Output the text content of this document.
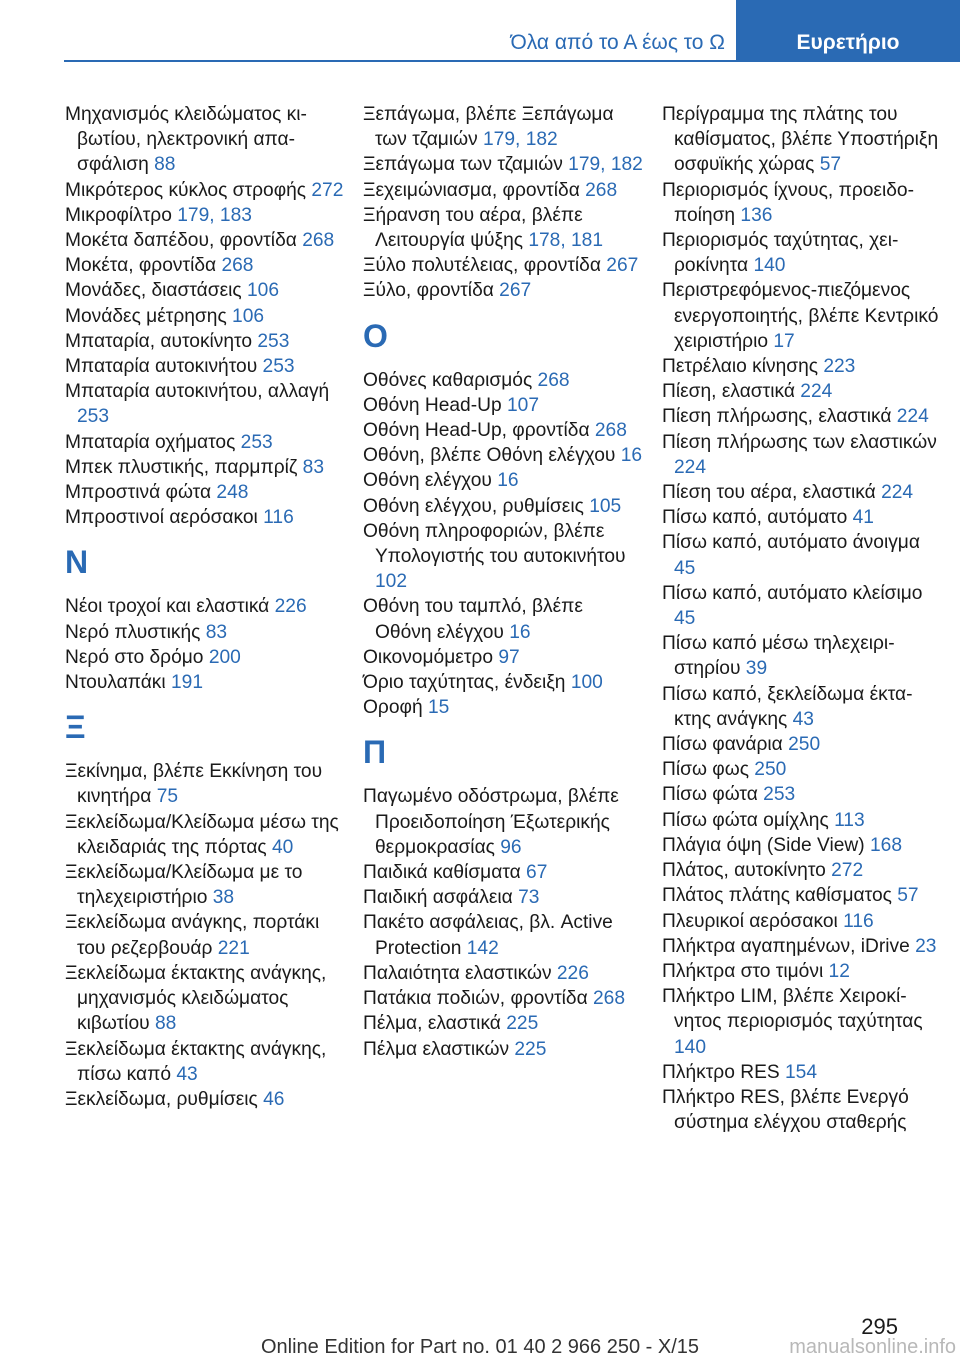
Όλα από το Α έως το Ω	Ευρετήριο
Μηχανισμός κλειδώματος κιβωτίου, ηλεκτρονική απασφάλιση 88
Μικρότερος κύκλος στροφής 272
Μικροφίλτρο 179, 183
Μοκέτα δαπέδου, φροντίδα 268
Μοκέτα, φροντίδα 268
Μονάδες, διαστάσεις 106
Μονάδες μέτρησης 106
Μπαταρία, αυτοκίνητο 253
Μπαταρία αυτοκινήτου 253
Μπαταρία αυτοκινήτου, αλλαγή 253
Μπαταρία οχήματος 253
Μπεκ πλυστικής, παρμπρίζ 83
Μπροστινά φώτα 248
Μπροστινοί αερόσακοι 116
Ν
Νέοι τροχοί και ελαστικά 226
Νερό πλυστικής 83
Νερό στο δρόμο 200
Ντουλαπάκι 191
Ξ
Ξεκίνημα, βλέπε Εκκίνηση του κινητήρα 75
Ξεκλείδωμα/Κλείδωμα μέσω της κλειδαριάς της πόρτας 40
Ξεκλείδωμα/Κλείδωμα με το τηλεχειριστήριο 38
Ξεκλείδωμα ανάγκης, πορτάκι του ρεζερβουάρ 221
Ξεκλείδωμα έκτακτης ανάγκης, μηχανισμός κλειδώματος κιβωτίου 88
Ξεκλείδωμα έκτακτης ανάγκης, πίσω καπό 43
Ξεκλείδωμα, ρυθμίσεις 46
Ξεπάγωμα, βλέπε Ξεπάγωμα των τζαμιών 179, 182
Ξεπάγωμα των τζαμιών 179, 182
Ξεχειμώνιασμα, φροντίδα 268
Ξήρανση του αέρα, βλέπε Λειτουργία ψύξης 178, 181
Ξύλο πολυτέλειας, φροντίδα 267
Ξύλο, φροντίδα 267
Ο
Οθόνες καθαρισμός 268
Οθόνη Head-Up 107
Οθόνη Head-Up, φροντίδα 268
Οθόνη, βλέπε Οθόνη ελέγχου 16
Οθόνη ελέγχου 16
Οθόνη ελέγχου, ρυθμίσεις 105
Οθόνη πληροφοριών, βλέπε Υπολογιστής του αυτοκινήτου 102
Οθόνη του ταμπλό, βλέπε Οθόνη ελέγχου 16
Οικονομόμετρο 97
Όριο ταχύτητας, ένδειξη 100
Οροφή 15
Π
Παγωμένο οδόστρωμα, βλέπε Προειδοποίηση Έξωτερικής θερμοκρασίας 96
Παιδικά καθίσματα 67
Παιδική ασφάλεια 73
Πακέτο ασφάλειας, βλ. Active Protection 142
Παλαιότητα ελαστικών 226
Πατάκια ποδιών, φροντίδα 268
Πέλμα, ελαστικά 225
Πέλμα ελαστικών 225
Περίγραμμα της πλάτης του καθίσματος, βλέπε Υποστήριξη οσφυϊκής χώρας 57
Περιορισμός ίχνους, προειδοποίηση 136
Περιορισμός ταχύτητας, χειροκίνητα 140
Περιστρεφόμενος-πιεζόμενος ενεργοποιητής, βλέπε Κεντρικό χειριστήριο 17
Πετρέλαιο κίνησης 223
Πίεση, ελαστικά 224
Πίεση πλήρωσης, ελαστικά 224
Πίεση πλήρωσης των ελαστικών 224
Πίεση του αέρα, ελαστικά 224
Πίσω καπό, αυτόματο 41
Πίσω καπό, αυτόματο άνοιγμα 45
Πίσω καπό, αυτόματο κλείσιμο 45
Πίσω καπό μέσω τηλεχειριστηρίου 39
Πίσω καπό, ξεκλείδωμα έκτακτης ανάγκης 43
Πίσω φανάρια 250
Πίσω φως 250
Πίσω φώτα 253
Πίσω φώτα ομίχλης 113
Πλάγια όψη (Side View) 168
Πλάτος, αυτοκίνητο 272
Πλάτος πλάτης καθίσματος 57
Πλευρικοί αερόσακοι 116
Πλήκτρα αγαπημένων, iDrive 23
Πλήκτρα στο τιμόνι 12
Πλήκτρο LIM, βλέπε Χειροκίνητος περιορισμός ταχύτητας 140
Πλήκτρο RES 154
Πλήκτρο RES, βλέπε Ενεργό σύστημα ελέγχου σταθερής
295
Online Edition for Part no. 01 40 2 966 250 - X/15	manualsonline.info
